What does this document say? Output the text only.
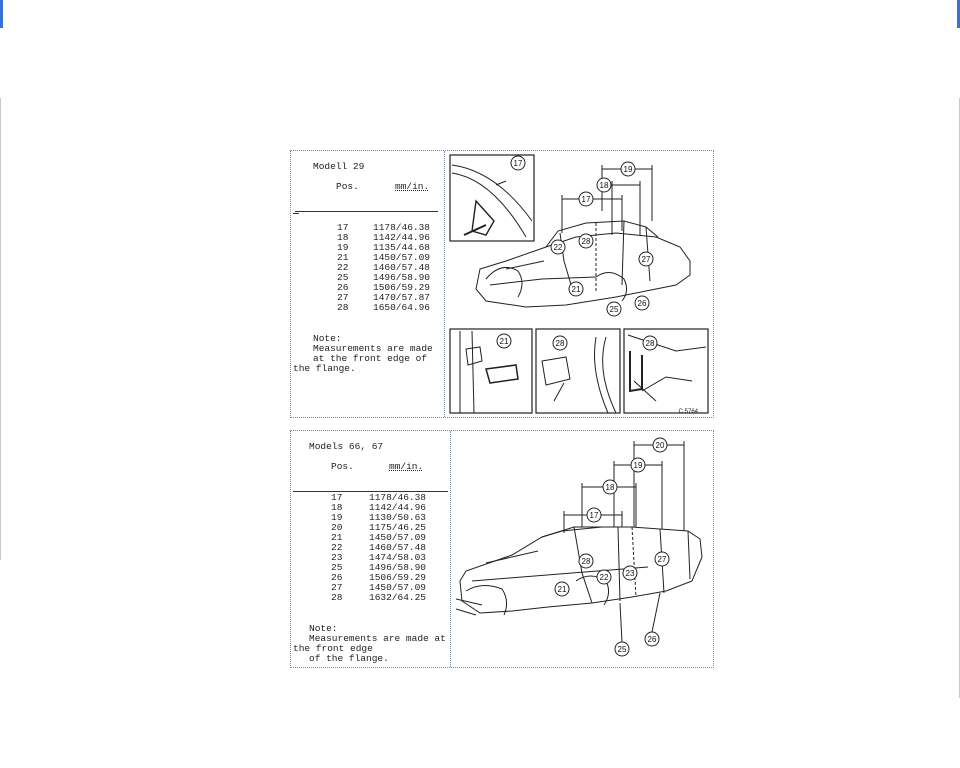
Modell 29
Pos.	mm/in.
17	1178/46.38
18	1142/44.96
19	1135/44.68
21	1450/57.09
22	1460/57.48
25	1496/58.90
26	1506/59.29
27	1470/57.87
28	1650/64.96
Note:
Measurements are made
at the front edge of
the flange.
17
19
18
17
22
28
27
21
26
25
21	28	28
C 5764
Models 66, 67
Pos.	mm/in.
17	1178/46.38
18	1142/44.96
19	1130/50.63
20	1175/46.25
21	1450/57.09
22	1460/57.48
23	1474/58.03
25	1496/58.90
26	1506/59.29
27	1450/57.09
28	1632/64.25
Note:
Measurements are made at
the front edge
of the flange.
20
19
18
17
28
22 23
27
21
26
25
